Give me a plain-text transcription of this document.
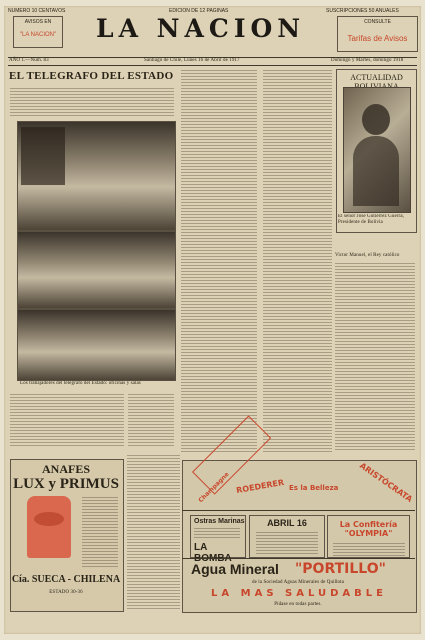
NUMERO 10 CENTAVOS	EDICION DE 12 PAGINAS	SUSCRIPCIONES 50 ANUALES
AVISOS EN
"LA NACION" LA NACION	CONSULTE
Tarifas de Avisos
AÑO 1.—Num. 83	Santiago de Chile, Lunes 16 de Abril de 1917	Domingo y Martes, domingo 1918
EL TELEGRAFO DEL ESTADO
Los trabajadores del telégrafo del Estado: oficinas y salas
ACTUALIDAD
El señor José Gutiérrez Guerra, Presidente de Bolivia
Victor Manuel, el Rey católico
ANAFES
LUX y PRIMUS
Cía. SUECA - CHILENA
ESTADO 30-36
Champagne ROEDERER Es la Belleza ARISTÓCRATA
Ostras Marinas
LA
ABRIL 16	La Confitería "OLYMPIA"
Agua Mineral "PORTILLO"
de la Sociedad Aguas Minerales de Quillota
LA MAS SALUDABLE
Pídase en todas partes.
